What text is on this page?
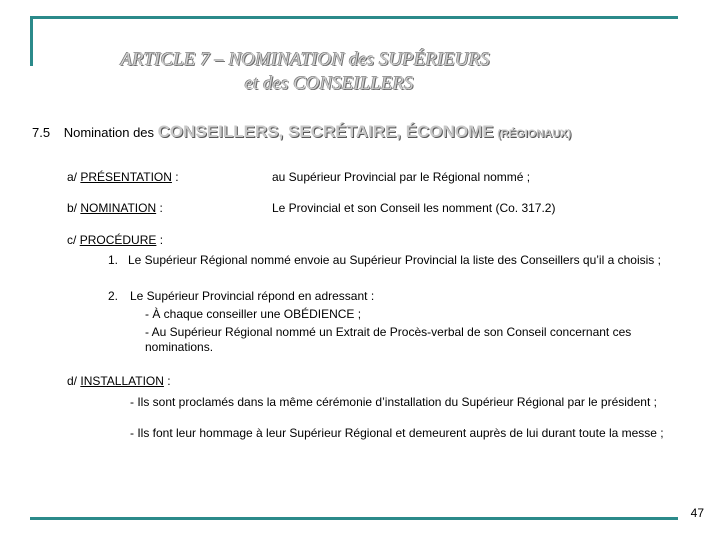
ARTICLE 7 – NOMINATION des SUPÉRIEURS
et des CONSEILLERS
7.5 Nomination des CONSEILLERS, SECRÉTAIRE, ÉCONOME (RÉGIONAUX)
a/ PRÉSENTATION :	au Supérieur Provincial par le Régional nommé ;
b/ NOMINATION :	Le Provincial et son Conseil les nomment (Co. 317.2)
c/ PROCÉDURE :
1. Le Supérieur Régional nommé envoie au Supérieur Provincial la liste des Conseillers qu’il a choisis ;
2. Le Supérieur Provincial répond en adressant :
- À chaque conseiller une OBÉDIENCE ;
- Au Supérieur Régional nommé un Extrait de Procès-verbal de son Conseil concernant ces nominations.
d/ INSTALLATION :
- Ils sont proclamés dans la même cérémonie d’installation du Supérieur Régional par le président ;
- Ils font leur hommage à leur Supérieur Régional et demeurent auprès de lui durant toute la messe ;
47
